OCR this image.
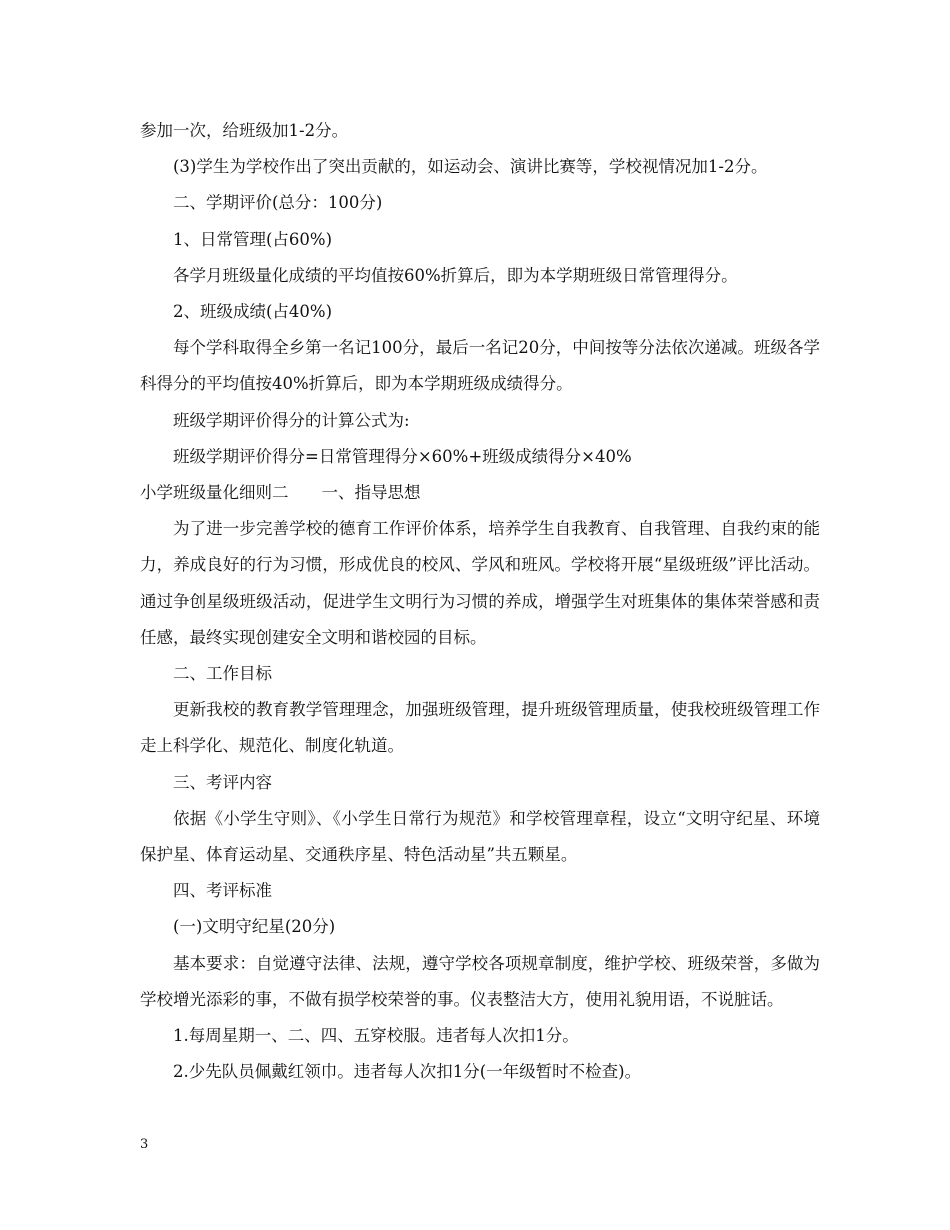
参加一次，给班级加1-2分。

(3)学生为学校作出了突出贡献的，如运动会、演讲比赛等，学校视情况加1-2分。

二、学期评价(总分：100分)

1、日常管理(占60%)

各学月班级量化成绩的平均值按60%折算后，即为本学期班级日常管理得分。

2、班级成绩(占40%)

每个学科取得全乡第一名记100分，最后一名记20分，中间按等分法依次递减。班级各学科得分的平均值按40%折算后，即为本学期班级成绩得分。

班级学期评价得分的计算公式为:

班级学期评价得分=日常管理得分×60%+班级成绩得分×40%

小学班级量化细则二　　一、指导思想

为了进一步完善学校的德育工作评价体系，培养学生自我教育、自我管理、自我约束的能力，养成良好的行为习惯，形成优良的校风、学风和班风。学校将开展“星级班级”评比活动。通过争创星级班级活动，促进学生文明行为习惯的养成，增强学生对班集体的集体荣誉感和责任感，最终实现创建安全文明和谐校园的目标。

二、工作目标

更新我校的教育教学管理理念，加强班级管理，提升班级管理质量，使我校班级管理工作走上科学化、规范化、制度化轨道。

三、考评内容

依据《小学生守则》、《小学生日常行为规范》和学校管理章程，设立“文明守纪星、环境保护星、体育运动星、交通秩序星、特色活动星”共五颗星。

四、考评标准

(一)文明守纪星(20分)

基本要求：自觉遵守法律、法规，遵守学校各项规章制度，维护学校、班级荣誉，多做为学校增光添彩的事，不做有损学校荣誉的事。仪表整洁大方，使用礼貌用语，不说脏话。

1.每周星期一、二、四、五穿校服。违者每人次扣1分。

2.少先队员佩戴红领巾。违者每人次扣1分(一年级暂时不检查)。

3
